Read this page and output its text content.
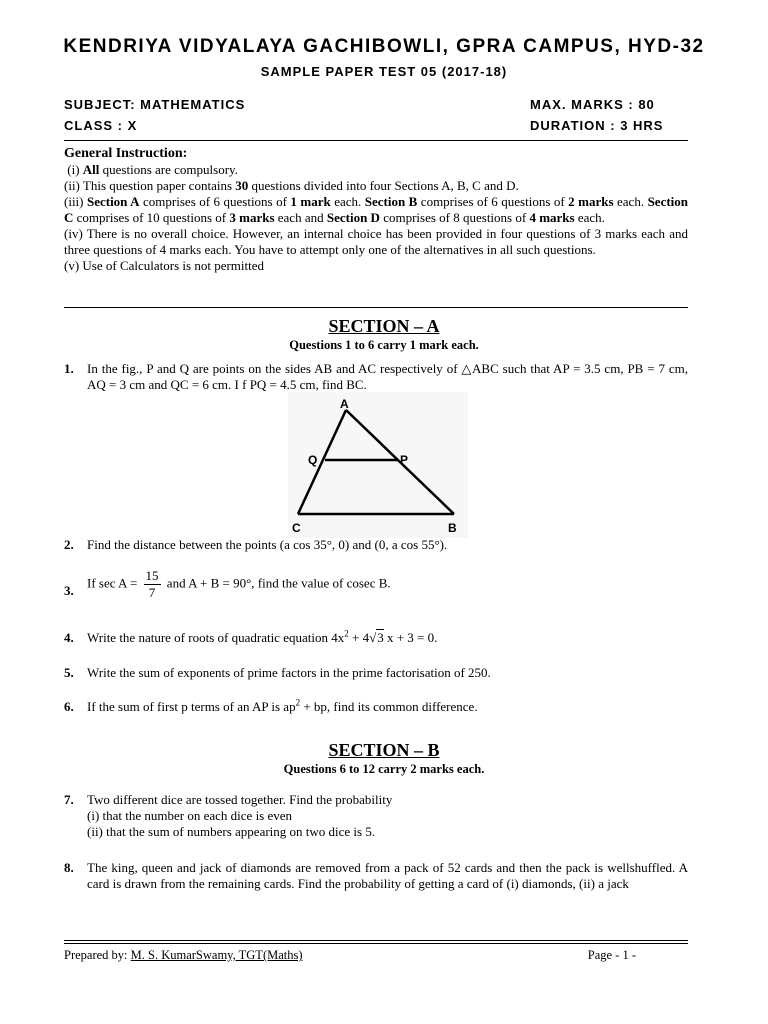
KENDRIYA VIDYALAYA GACHIBOWLI, GPRA CAMPUS, HYD-32
SAMPLE PAPER TEST 05 (2017-18)
SUBJECT: MATHEMATICS	MAX. MARKS : 80
CLASS : X	DURATION : 3 HRS

General Instruction:

(i) All questions are compulsory.

(ii) This question paper contains 30 questions divided into four Sections A, B, C and D.

(iii) Section A comprises of 6 questions of 1 mark each. Section B comprises of 6 questions of 2 marks each. Section C comprises of 10 questions of 3 marks each and Section D comprises of 8 questions of 4 marks each.

(iv) There is no overall choice. However, an internal choice has been provided in four questions of 3 marks each and three questions of 4 marks each. You have to attempt only one of the alternatives in all such questions.

(v) Use of Calculators is not permitted

SECTION – A
Questions 1 to 6 carry 1 mark each.
1. In the fig., P and Q are points on the sides AB and AC respectively of △ABC such that AP = 3.5 cm, PB = 7 cm, AQ = 3 cm and QC = 6 cm. I f PQ = 4.5 cm, find BC.
A
Q	P
C	B
2. Find the distance between the points (a cos 35°, 0) and (0, a cos 55°).
3.
If $\sec A = \frac{15}{7}$ and A + B = 90°, find the value of cosec B.
4. Write the nature of roots of quadratic equation $4x^2 + 4√3$ x + 3 = 0.
5. Write the sum of exponents of prime factors in the prime factorisation of 250.
6. If the sum of first p terms of an AP is $ap^2$ + bp, find its common difference.
SECTION – B
Questions 6 to 12 carry 2 marks each.
7. Two different dice are tossed together. Find the probability
(i) that the number on each dice is even
(ii) that the sum of numbers appearing on two dice is 5.
8. The king, queen and jack of diamonds are removed from a pack of 52 cards and then the pack is wellshuffled. A card is drawn from the remaining cards. Find the probability of getting a card of (i) diamonds, (ii) a jack
Prepared by: M. S. KumarSwamy, TGT(Maths)	Page - 1 -
